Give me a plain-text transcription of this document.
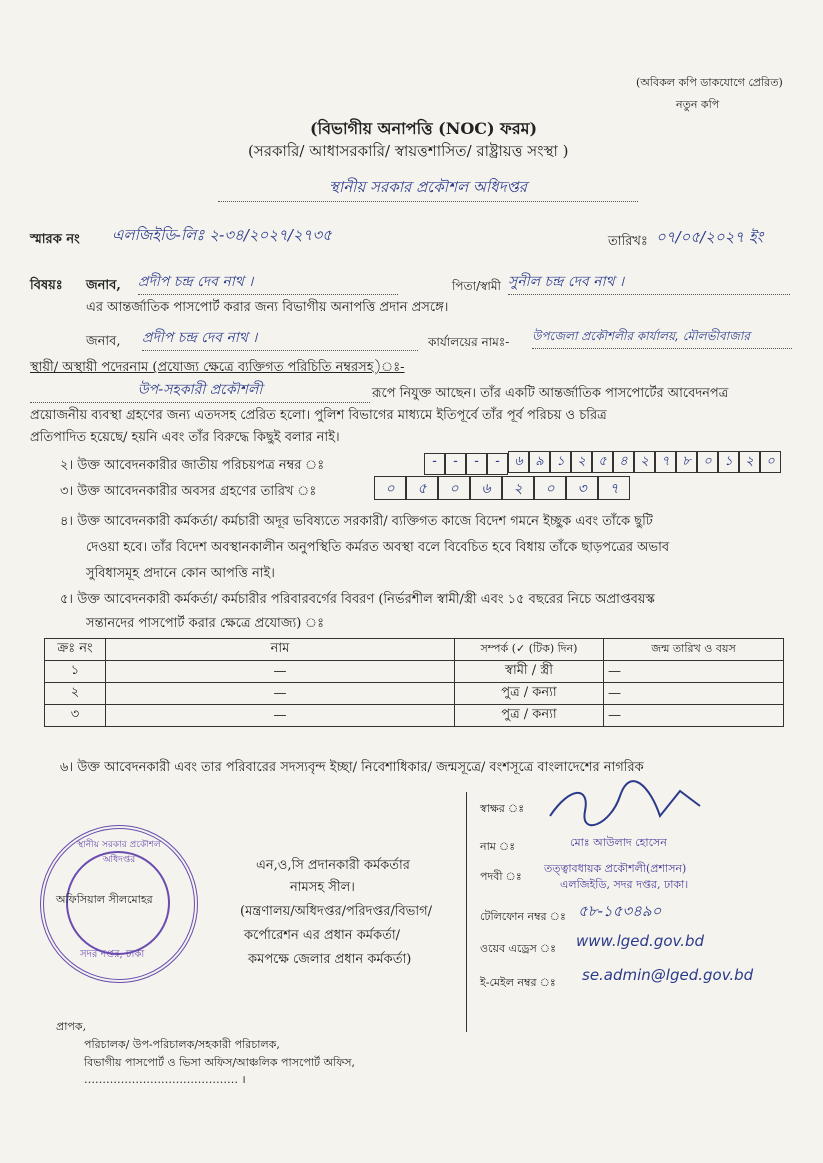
(অবিকল কপি ডাকযোগে প্রেরিত)
নতুন কপি
(বিভাগীয় অনাপত্তি (NOC) ফরম)
(সরকারি/ আধাসরকারি/ স্বায়ত্তশাসিত/ রাষ্ট্রায়ত্ত সংস্থা )
স্থানীয় সরকার প্রকৌশল অধিদপ্তর
স্মারক নং এলজিইডি-লিঃ ২-৩৪/২০২৭/২৭৩৫	তারিখঃ ০৭/০৫/২০২৭ ইং
বিষয়ঃ জনাব, প্রদীপ চন্দ্র দেব নাথ ।	পিতা/স্বামী সুনীল চন্দ্র দেব নাথ ।
এর আন্তর্জাতিক পাসপোর্ট করার জন্য বিভাগীয় অনাপত্তি প্রদান প্রসঙ্গে।
জনাব, প্রদীপ চন্দ্র দেব নাথ ।	কার্যালয়ের নামঃ- উপজেলা প্রকৌশলীর কার্যালয়, মৌলভীবাজার
স্থায়ী/ অস্থায়ী পদেরনাম (প্রযোজ্য ক্ষেত্রে ব্যক্তিগত পরিচিতি নম্বরসহ)ঃ-
উপ-সহকারী প্রকৌশলী	রূপে নিযুক্ত আছেন। তাঁর একটি আন্তর্জাতিক পাসপোর্টের আবেদনপত্র
প্রয়োজনীয় ব্যবস্থা গ্রহণের জন্য এতদসহ প্রেরিত হলো। পুলিশ বিভাগের মাধ্যমে ইতিপূর্বে তাঁর পূর্ব পরিচয় ও চরিত্র
প্রতিপাদিত হয়েছে/ হয়নি এবং তাঁর বিরুদ্ধে কিছুই বলার নাই।
২। উক্ত আবেদনকারীর জাতীয় পরিচয়পত্র নম্বর ঃ	- - - - ৬ ৯ ১ ২ ৫ ৪ ২ ৭ ৮ ০ ১ ২ ০
৩। উক্ত আবেদনকারীর অবসর গ্রহণের তারিখ ঃ	০ ৫ ০ ৬ ২ ০ ৩ ৭
৪। উক্ত আবেদনকারী কর্মকর্তা/ কর্মচারী অদূর ভবিষ্যতে সরকারী/ ব্যক্তিগত কাজে বিদেশ গমনে ইচ্ছুক এবং তাঁকে ছুটি
দেওয়া হবে। তাঁর বিদেশ অবস্থানকালীন অনুপস্থিতি কর্মরত অবস্থা বলে বিবেচিত হবে বিধায় তাঁকে ছাড়পত্রের অভাব
সুবিধাসমূহ প্রদানে কোন আপত্তি নাই।
৫। উক্ত আবেদনকারী কর্মকর্তা/ কর্মচারীর পরিবারবর্গের বিবরণ (নির্ভরশীল স্বামী/স্ত্রী এবং ১৫ বছরের নিচে অপ্রাপ্তবয়স্ক
সন্তানদের পাসপোর্ট করার ক্ষেত্রে প্রযোজ্য) ঃ
ক্রঃ নং	নাম	সম্পর্ক (✓ (টিক) দিন)	জন্ম তারিখ ও বয়স
১	—	স্বামী / স্ত্রী	—
২	—	পুত্র / কন্যা	—
৩	—	পুত্র / কন্যা	—
৬। উক্ত আবেদনকারী এবং তার পরিবারের সদস্যবৃন্দ ইচ্ছা/ নিবেশাধিকার/ জন্মসূত্রে/ বংশসূত্রে বাংলাদেশের নাগরিক
স্থানীয় সরকার প্রকৌশল অধিদপ্তর
অফিসিয়াল সীলমোহর
সদর দপ্তর, ঢাকা
এন,ও,সি প্রদানকারী কর্মকর্তার
নামসহ সীল।
(মন্ত্রণালয়/অধিদপ্তর/পরিদপ্তর/বিভাগ/
কর্পোরেশন এর প্রধান কর্মকর্তা/
কমপক্ষে জেলার প্রধান কর্মকর্তা)
স্বাক্ষর ঃ
নাম ঃ	মোঃ আউলাদ হোসেন
পদবী ঃ
তত্ত্বাবধায়ক প্রকৌশলী(প্রশাসন)
এলজিইডি, সদর দপ্তর, ঢাকা।
টেলিফোন নম্বর ঃ ৫৮-১৫৩৪৯০
ওয়েব এড্রেস ঃ www.lged.gov.bd
ই-মেইল নম্বর ঃ se.admin@lged.gov.bd
প্রাপক,
পরিচালক/ উপ-পরিচালক/সহকারী পরিচালক,
বিভাগীয় পাসপোর্ট ও ভিসা অফিস/আঞ্চলিক পাসপোর্ট অফিস,
…………………………………… ।
